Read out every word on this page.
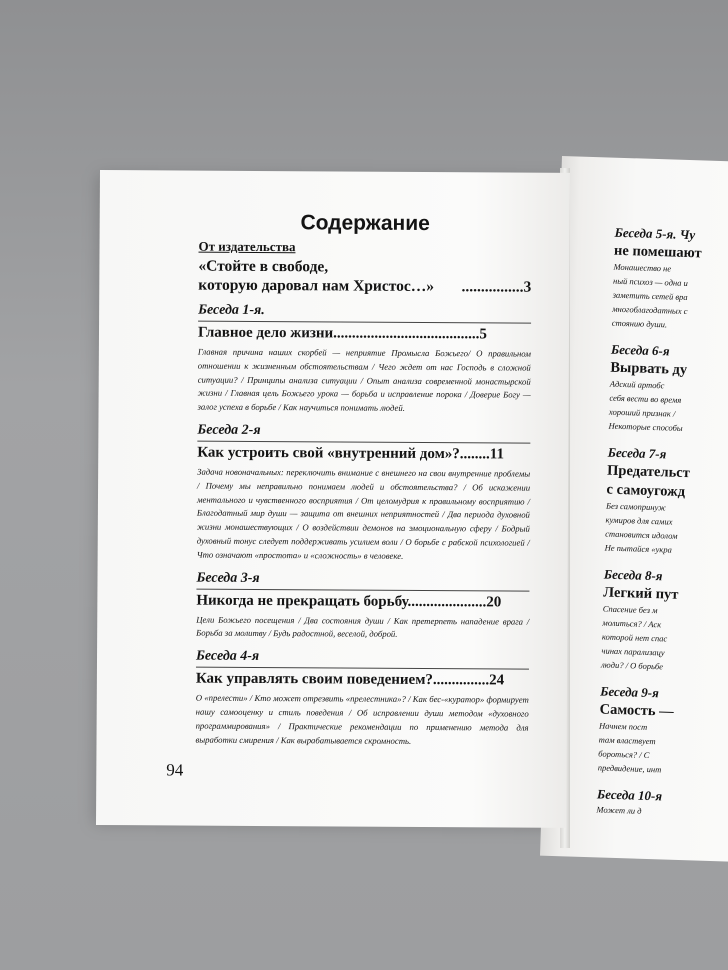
Беседа 5-я. Чу
не помешают
Монашество не
ный психоз — одна и
заметить сетей вра
многоблагодатных с
стоянию души.
Беседа 6-я
Вырвать ду
Адский артобс
себя вести во время
хороший признак /
Некоторые способы
Беседа 7-я
Предательст
с самоугожд
Без самопринуж
кумиров для самих
становится идолом
Не пытайся «укра
Беседа 8-я
Легкий пут
Спасение без м
молиться? / Аск
которой нет спас
чинах парализацу
люди? / О борьбе
Беседа 9-я
Самость —
Начнем пост
там властвует
бороться? / С
предвидение, инт
Беседа 10-я
Может ли д
Содержание
От издательства
«Стойте в свободе,
которую даровал нам Христос…» ................3
Беседа 1-я.
Главное дело жизни.......................................5
Главная причина наших скорбей — неприятие Промысла Божьего/ О правильном отношении к жизненным обстоятельствам / Чего ждет от нас Господь в сложной ситуации? / Принципы анализа ситуации / Опыт анализа современной монастырской жизни / Главная цель Божьего урока — борьба и исправление порока / Доверие Богу — залог успеха в борьбе / Как научиться понимать людей.
Беседа 2-я
Как устроить свой «внутренний дом»?........11
Задача новоначальных: переключить внимание с внешнего на свои внутренние проблемы / Почему мы неправильно понимаем людей и обстоятельства? / Об искажении ментального и чувственного восприятия / От целомудрия к правильному восприятию / Благодатный мир души — защита от внешних неприятностей / Два периода духовной жизни монашествующих / О воздействии демонов на эмоциональную сферу / Бодрый духовный тонус следует поддерживать усилием воли / О борьбе с рабской психологией / Что означают «простота» и «сложность» в человеке.
Беседа 3-я
Никогда не прекращать борьбу.....................20
Цели Божьего посещения / Два состояния души / Как претерпеть нападение врага / Борьба за молитву / Будь радостной, веселой, доброй.
Беседа 4-я
Как управлять своим поведением?...............24
О «прелести» / Кто может отрезвить «прелестника»? / Как бес-«куратор» формирует нашу самооценку и стиль поведения / Об исправлении души методом «духовного программирования» / Практические рекомендации по применению метода для выработки смирения / Как вырабатывается скромность.
94
